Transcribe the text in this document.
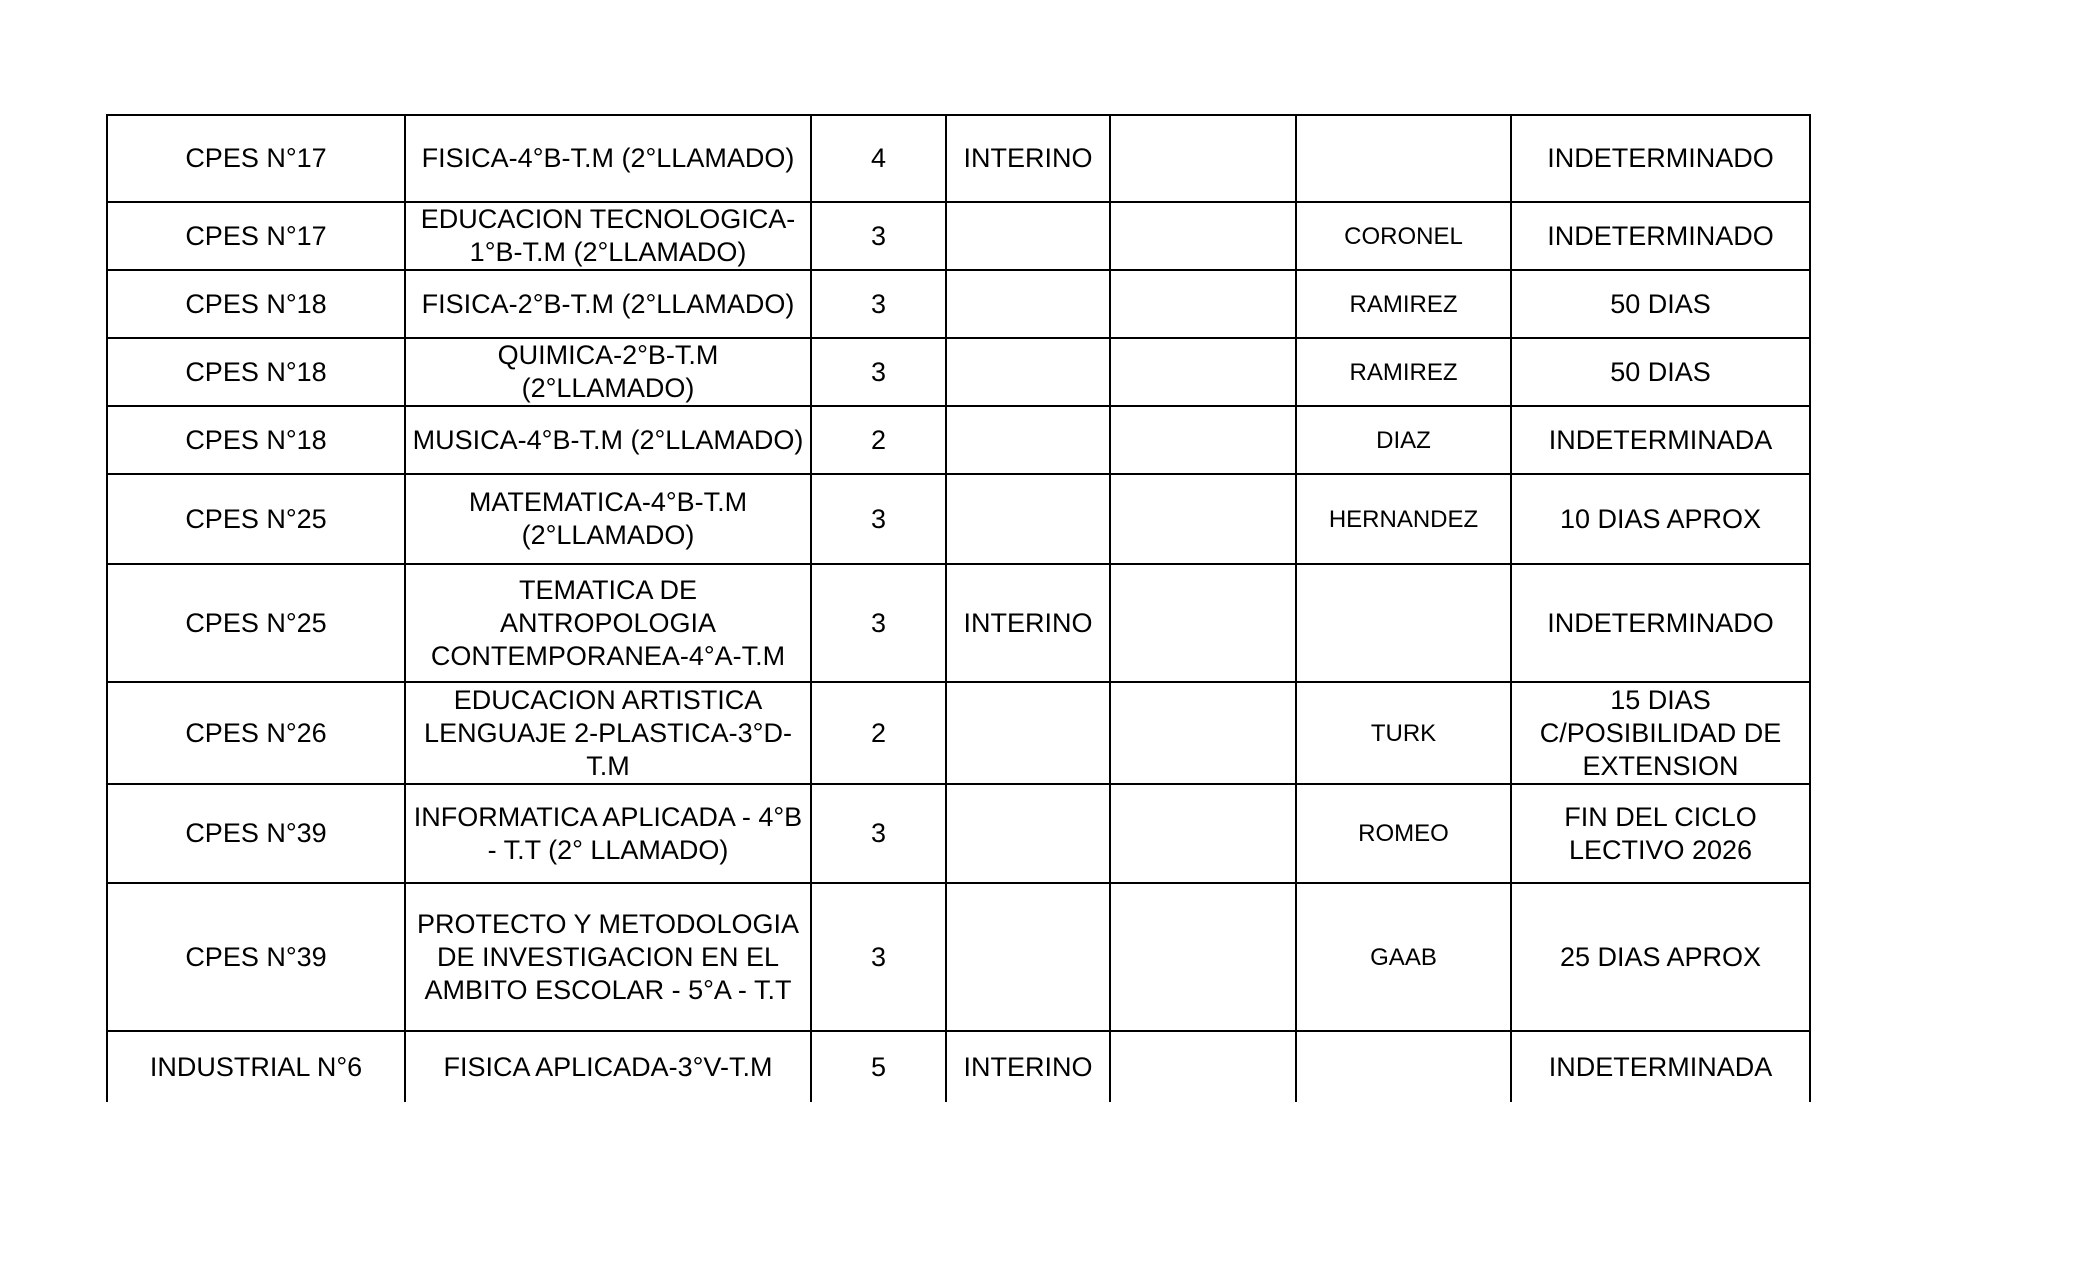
CPES N°17	FISICA-4°B-T.M (2°LLAMADO)	4	INTERINO			INDETERMINADO
CPES N°17	EDUCACION TECNOLOGICA-1°B-T.M (2°LLAMADO)	3			CORONEL	INDETERMINADO
CPES N°18	FISICA-2°B-T.M (2°LLAMADO)	3			RAMIREZ	50 DIAS
CPES N°18	QUIMICA-2°B-T.M (2°LLAMADO)	3			RAMIREZ	50 DIAS
CPES N°18	MUSICA-4°B-T.M (2°LLAMADO)	2			DIAZ	INDETERMINADA
CPES N°25	MATEMATICA-4°B-T.M (2°LLAMADO)	3			HERNANDEZ	10 DIAS APROX
CPES N°25	TEMATICA DE ANTROPOLOGIA CONTEMPORANEA-4°A-T.M	3	INTERINO			INDETERMINADO
CPES N°26	EDUCACION ARTISTICA LENGUAJE 2-PLASTICA-3°D-T.M	2			TURK	15 DIAS C/POSIBILIDAD DE EXTENSION
CPES N°39	INFORMATICA APLICADA - 4°B - T.T (2° LLAMADO)	3			ROMEO	FIN DEL CICLO LECTIVO 2026
CPES N°39	PROTECTO Y METODOLOGIA DE INVESTIGACION EN EL AMBITO ESCOLAR - 5°A - T.T	3			GAAB	25 DIAS APROX
INDUSTRIAL N°6	FISICA APLICADA-3°V-T.M	5	INTERINO			INDETERMINADA
